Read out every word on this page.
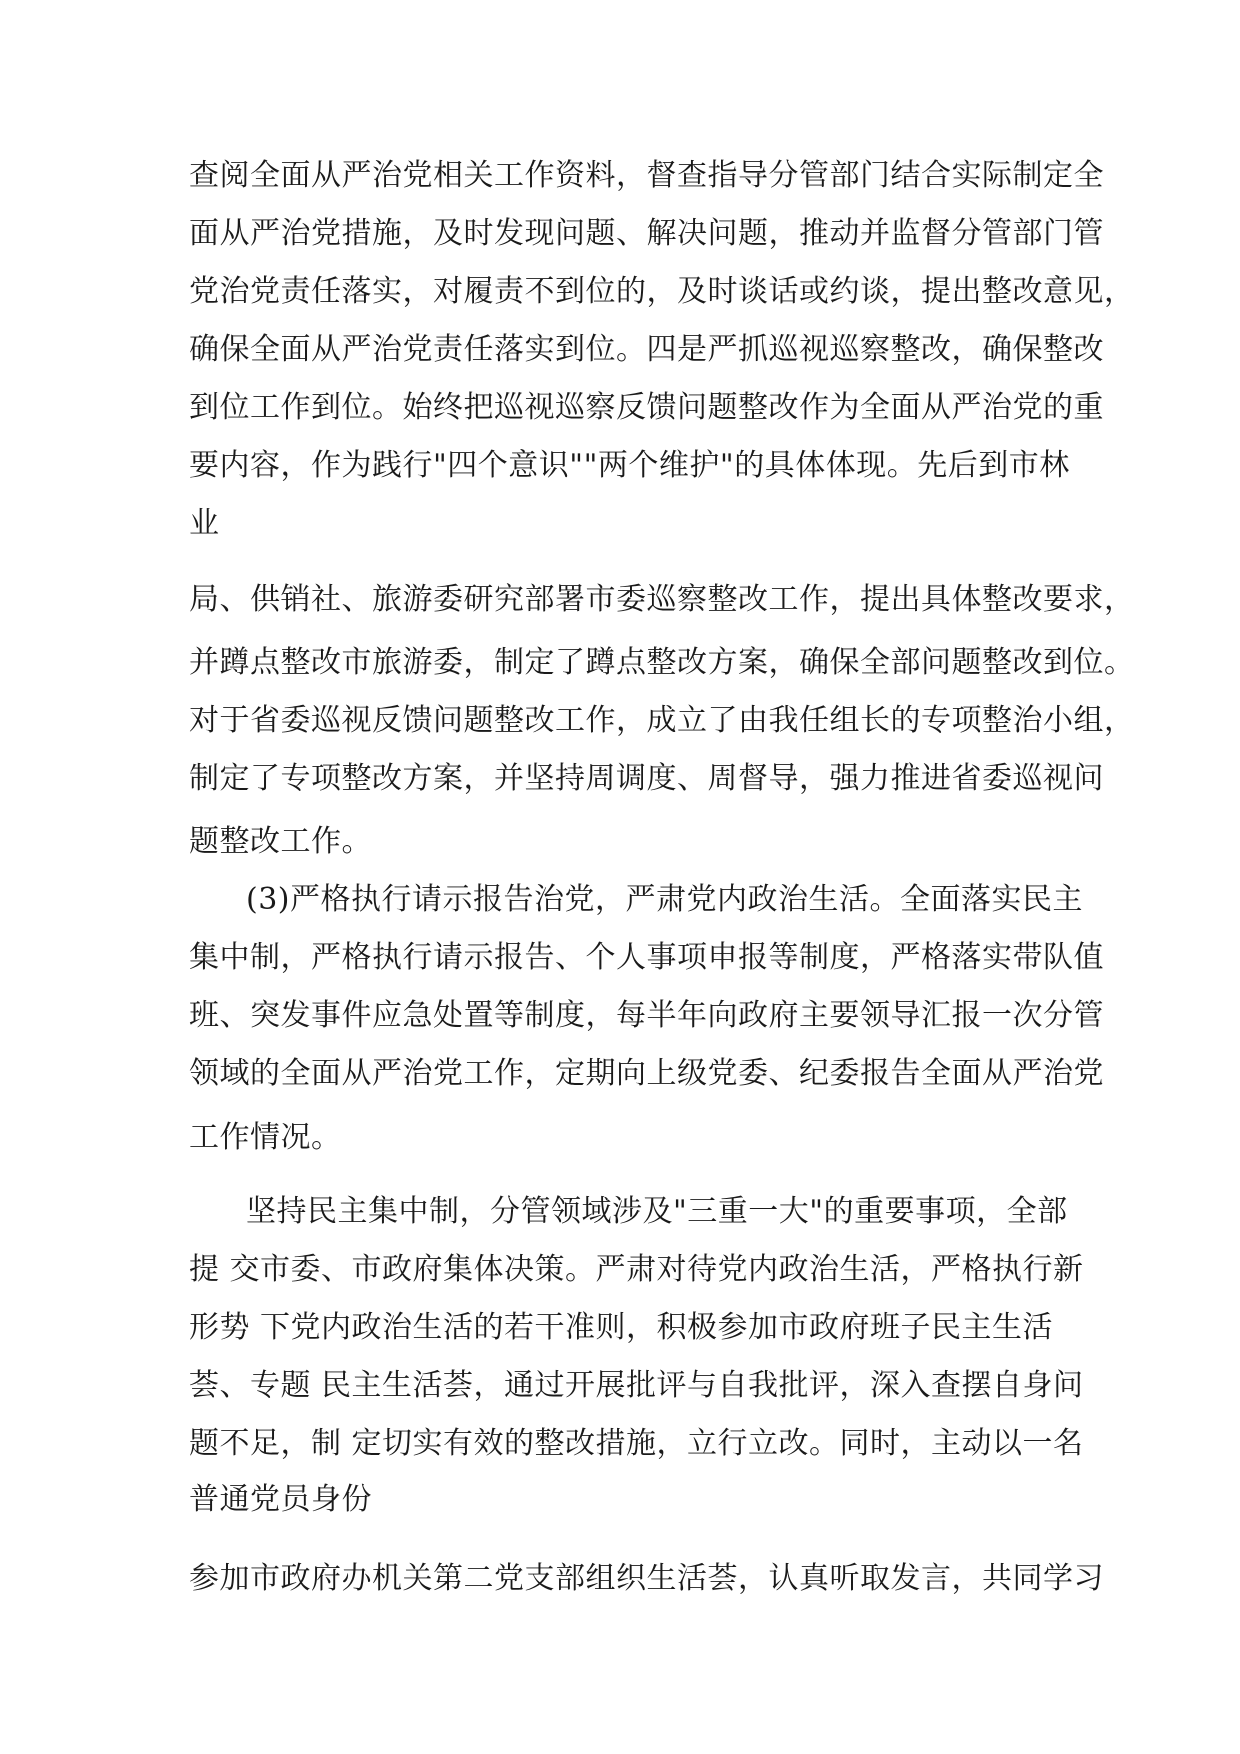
查阅全面从严治党相关工作资料，督查指导分管部门结合实际制定全
面从严治党措施，及时发现问题、解决问题，推动并监督分管部门管
党治党责任落实，对履责不到位的，及时谈话或约谈，提出整改意见，
确保全面从严治党责任落实到位。四是严抓巡视巡察整改，确保整改
到位工作到位。始终把巡视巡察反馈问题整改作为全面从严治党的重
要内容，作为践行"四个意识""两个维护"的具体体现。先后到市林
业
局、供销社、旅游委研究部署市委巡察整改工作，提出具体整改要求，
并蹲点整改市旅游委，制定了蹲点整改方案，确保全部问题整改到位。
对于省委巡视反馈问题整改工作，成立了由我任组长的专项整治小组，
制定了专项整改方案，并坚持周调度、周督导，强力推进省委巡视问
题整改工作。
(3)严格执行请示报告治党，严肃党内政治生活。全面落实民主
集中制，严格执行请示报告、个人事项申报等制度，严格落实带队值
班、突发事件应急处置等制度，每半年向政府主要领导汇报一次分管
领域的全面从严治党工作，定期向上级党委、纪委报告全面从严治党
工作情况。
坚持民主集中制，分管领域涉及"三重一大"的重要事项，全部
提 交市委、市政府集体决策。严肃对待党内政治生活，严格执行新
形势 下党内政治生活的若干准则，积极参加市政府班子民主生活
荟、专题 民主生活荟，通过开展批评与自我批评，深入查摆自身问
题不足，制 定切实有效的整改措施，立行立改。同时，主动以一名
普通党员身份
参加市政府办机关第二党支部组织生活荟，认真听取发言，共同学习
